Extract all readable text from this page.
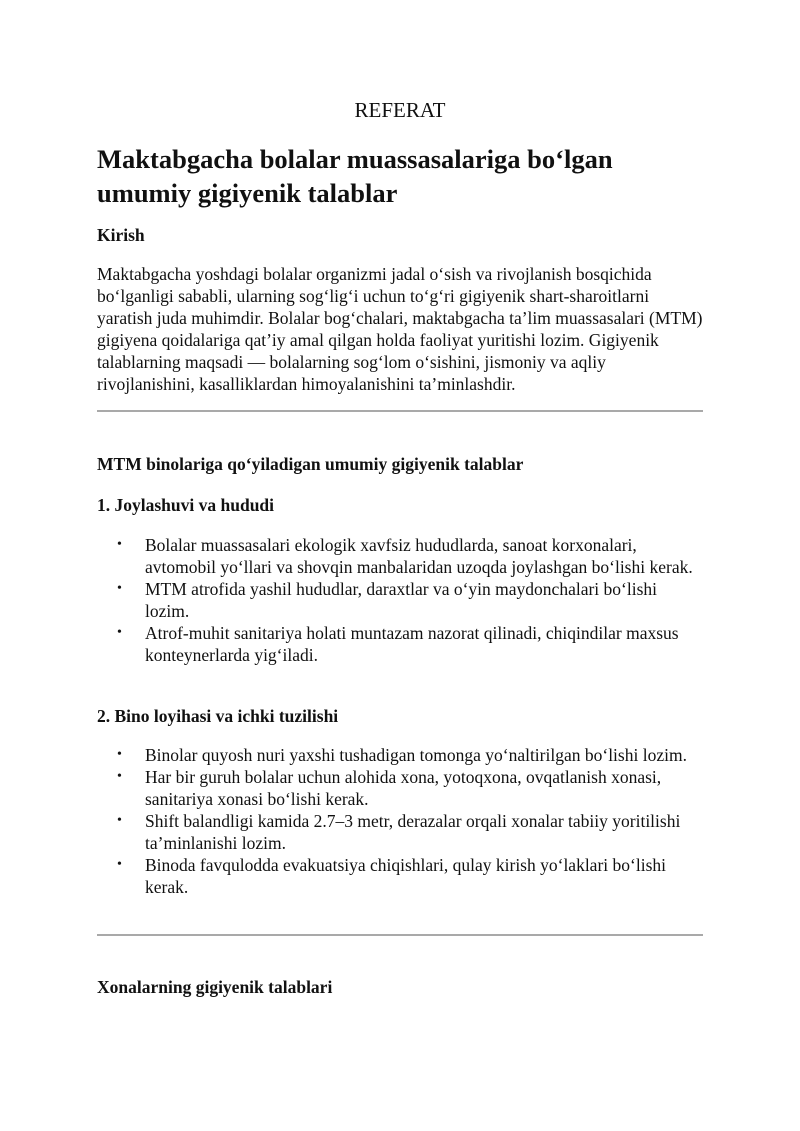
REFERAT
Maktabgacha bolalar muassasalariga bo‘lgan umumiy gigiyenik talablar
Kirish

Maktabgacha yoshdagi bolalar organizmi jadal o‘sish va rivojlanish bosqichida bo‘lganligi sababli, ularning sog‘lig‘i uchun to‘g‘ri gigiyenik shart-sharoitlarni yaratish juda muhimdir. Bolalar bog‘chalari, maktabgacha ta’lim muassasalari (MTM) gigiyena qoidalariga qat’iy amal qilgan holda faoliyat yuritishi lozim. Gigiyenik talablarning maqsadi — bolalarning sog‘lom o‘sishini, jismoniy va aqliy rivojlanishini, kasalliklardan himoyalanishini ta’minlashdir.

MTM binolariga qo‘yiladigan umumiy gigiyenik talablar
1. Joylashuvi va hududi
• Bolalar muassasalari ekologik xavfsiz hududlarda, sanoat korxonalari, avtomobil yo‘llari va shovqin manbalaridan uzoqda joylashgan bo‘lishi kerak.
• MTM atrofida yashil hududlar, daraxtlar va o‘yin maydonchalari bo‘lishi lozim.
• Atrof-muhit sanitariya holati muntazam nazorat qilinadi, chiqindilar maxsus konteynerlarda yig‘iladi.
2. Bino loyihasi va ichki tuzilishi
• Binolar quyosh nuri yaxshi tushadigan tomonga yo‘naltirilgan bo‘lishi lozim.
• Har bir guruh bolalar uchun alohida xona, yotoqxona, ovqatlanish xonasi, sanitariya xonasi bo‘lishi kerak.
• Shift balandligi kamida 2.7–3 metr, derazalar orqali xonalar tabiiy yoritilishi ta’minlanishi lozim.
• Binoda favqulodda evakuatsiya chiqishlari, qulay kirish yo‘laklari bo‘lishi kerak.
Xonalarning gigiyenik talablari
